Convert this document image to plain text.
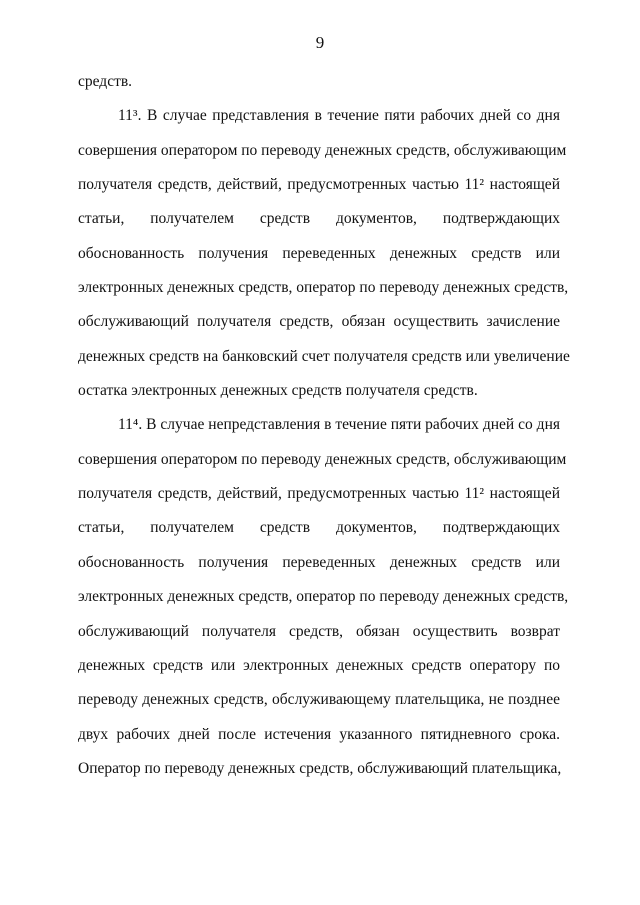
9
средств.
11³. В случае представления в течение пяти рабочих дней со дня
совершения оператором по переводу денежных средств, обслуживающим
получателя средств, действий, предусмотренных частью 11² настоящей
статьи, получателем средств документов, подтверждающих
обоснованность получения переведенных денежных средств или
электронных денежных средств, оператор по переводу денежных средств,
обслуживающий получателя средств, обязан осуществить зачисление
денежных средств на банковский счет получателя средств или увеличение
остатка электронных денежных средств получателя средств.
11⁴. В случае непредставления в течение пяти рабочих дней со дня
совершения оператором по переводу денежных средств, обслуживающим
получателя средств, действий, предусмотренных частью 11² настоящей
статьи, получателем средств документов, подтверждающих
обоснованность получения переведенных денежных средств или
электронных денежных средств, оператор по переводу денежных средств,
обслуживающий получателя средств, обязан осуществить возврат
денежных средств или электронных денежных средств оператору по
переводу денежных средств, обслуживающему плательщика, не позднее
двух рабочих дней после истечения указанного пятидневного срока.
Оператор по переводу денежных средств, обслуживающий плательщика,
